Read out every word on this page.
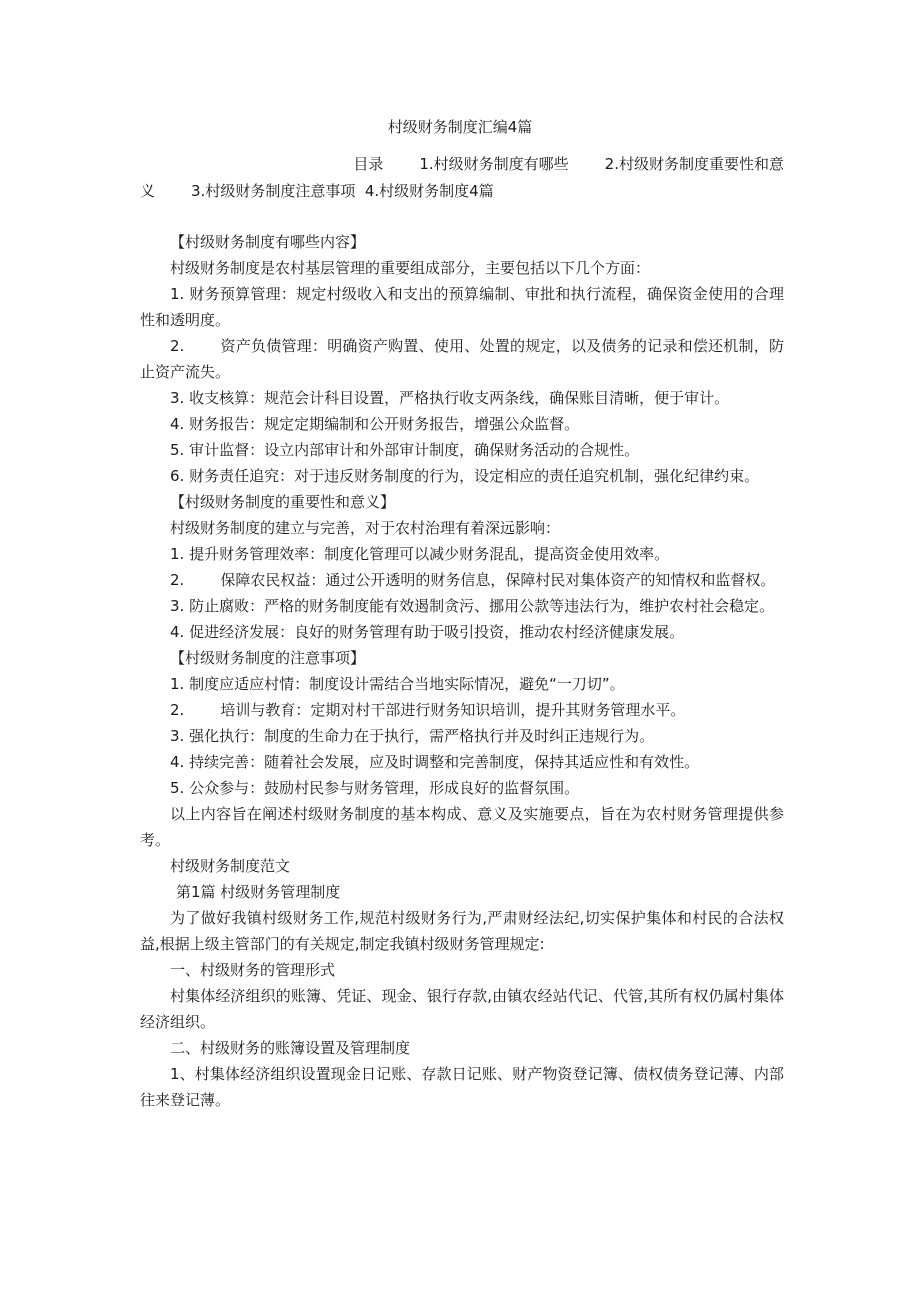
村级财务制度汇编4篇
目录 1.村级财务制度有哪些 2.村级财务制度重要性和意
义 3.村级财务制度注意事项  4.村级财务制度4篇

【村级财务制度有哪些内容】

村级财务制度是农村基层管理的重要组成部分，主要包括以下几个方面：

1. 财务预算管理：规定村级收入和支出的预算编制、审批和执行流程，确保资金使用的合理性和透明度。

2. 资产负债管理：明确资产购置、使用、处置的规定，以及债务的记录和偿还机制，防止资产流失。

3. 收支核算：规范会计科目设置，严格执行收支两条线，确保账目清晰，便于审计。

4. 财务报告：规定定期编制和公开财务报告，增强公众监督。

5. 审计监督：设立内部审计和外部审计制度，确保财务活动的合规性。

6. 财务责任追究：对于违反财务制度的行为，设定相应的责任追究机制，强化纪律约束。

【村级财务制度的重要性和意义】

村级财务制度的建立与完善，对于农村治理有着深远影响：

1. 提升财务管理效率：制度化管理可以减少财务混乱，提高资金使用效率。

2. 保障农民权益：通过公开透明的财务信息，保障村民对集体资产的知情权和监督权。

3. 防止腐败：严格的财务制度能有效遏制贪污、挪用公款等违法行为，维护农村社会稳定。

4. 促进经济发展：良好的财务管理有助于吸引投资，推动农村经济健康发展。

【村级财务制度的注意事项】

1. 制度应适应村情：制度设计需结合当地实际情况，避免“一刀切”。

2. 培训与教育：定期对村干部进行财务知识培训，提升其财务管理水平。

3. 强化执行：制度的生命力在于执行，需严格执行并及时纠正违规行为。

4. 持续完善：随着社会发展，应及时调整和完善制度，保持其适应性和有效性。

5. 公众参与：鼓励村民参与财务管理，形成良好的监督氛围。

以上内容旨在阐述村级财务制度的基本构成、意义及实施要点，旨在为农村财务管理提供参考。

村级财务制度范文

第1篇 村级财务管理制度

为了做好我镇村级财务工作,规范村级财务行为,严肃财经法纪,切实保护集体和村民的合法权益,根据上级主管部门的有关规定,制定我镇村级财务管理规定:

一、村级财务的管理形式

村集体经济组织的账簿、凭证、现金、银行存款,由镇农经站代记、代管,其所有权仍属村集体经济组织。

二、村级财务的账簿设置及管理制度

1、村集体经济组织设置现金日记账、存款日记账、财产物资登记簿、债权债务登记薄、内部往来登记薄。
